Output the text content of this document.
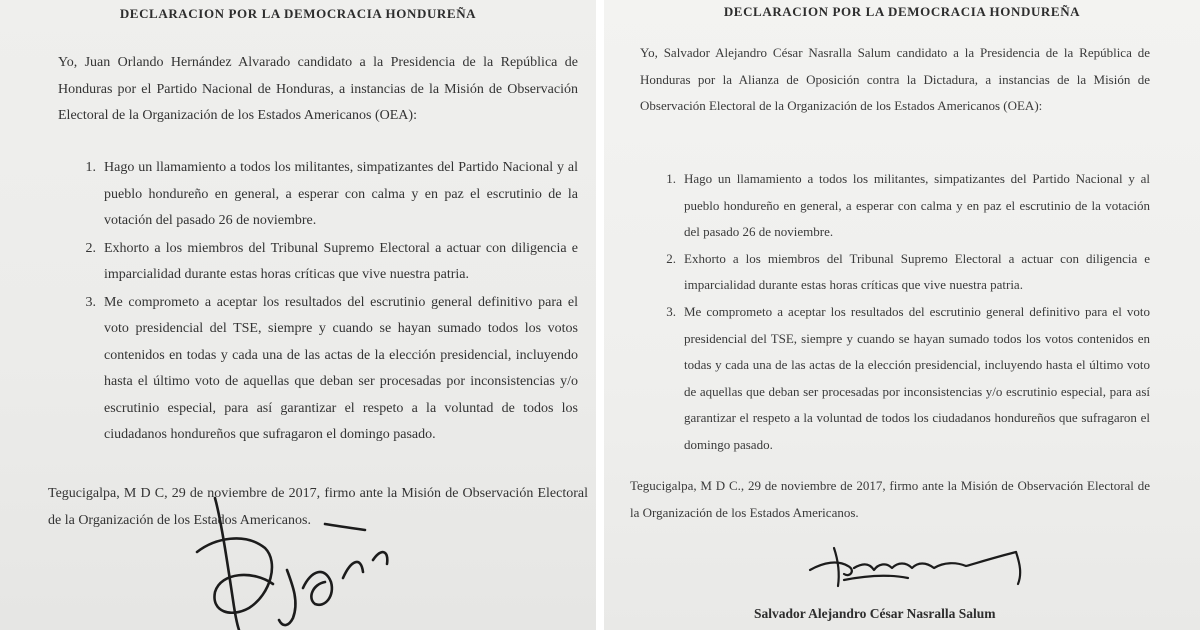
DECLARACION POR LA DEMOCRACIA HONDUREÑA
Yo, Juan Orlando Hernández Alvarado candidato a la Presidencia de la República de Honduras por el Partido Nacional de Honduras, a instancias de la Misión de Observación Electoral de la Organización de los Estados Americanos (OEA):
1. Hago un llamamiento a todos los militantes, simpatizantes del Partido Nacional y al pueblo hondureño en general, a esperar con calma y en paz el escrutinio de la votación del pasado 26 de noviembre.
2. Exhorto a los miembros del Tribunal Supremo Electoral a actuar con diligencia e imparcialidad durante estas horas críticas que vive nuestra patria.
3. Me comprometo a aceptar los resultados del escrutinio general definitivo para el voto presidencial del TSE, siempre y cuando se hayan sumado todos los votos contenidos en todas y cada una de las actas de la elección presidencial, incluyendo hasta el último voto de aquellas que deban ser procesadas por inconsistencias y/o escrutinio especial, para así garantizar el respeto a la voluntad de todos los ciudadanos hondureños que sufragaron el domingo pasado.
Tegucigalpa, M D C, 29 de noviembre de 2017, firmo ante la Misión de Observación Electoral de la Organización de los Estados Americanos.
DECLARACION POR LA DEMOCRACIA HONDUREÑA
Yo, Salvador Alejandro César Nasralla Salum candidato a la Presidencia de la República de Honduras por la Alianza de Oposición contra la Dictadura, a instancias de la Misión de Observación Electoral de la Organización de los Estados Americanos (OEA):
1. Hago un llamamiento a todos los militantes, simpatizantes del Partido Nacional y al pueblo hondureño en general, a esperar con calma y en paz el escrutinio de la votación del pasado 26 de noviembre.
2. Exhorto a los miembros del Tribunal Supremo Electoral a actuar con diligencia e imparcialidad durante estas horas críticas que vive nuestra patria.
3. Me comprometo a aceptar los resultados del escrutinio general definitivo para el voto presidencial del TSE, siempre y cuando se hayan sumado todos los votos contenidos en todas y cada una de las actas de la elección presidencial, incluyendo hasta el último voto de aquellas que deban ser procesadas por inconsistencias y/o escrutinio especial, para así garantizar el respeto a la voluntad de todos los ciudadanos hondureños que sufragaron el domingo pasado.
Tegucigalpa, M D C., 29 de noviembre de 2017, firmo ante la Misión de Observación Electoral de la Organización de los Estados Americanos.
Salvador Alejandro César Nasralla Salum
